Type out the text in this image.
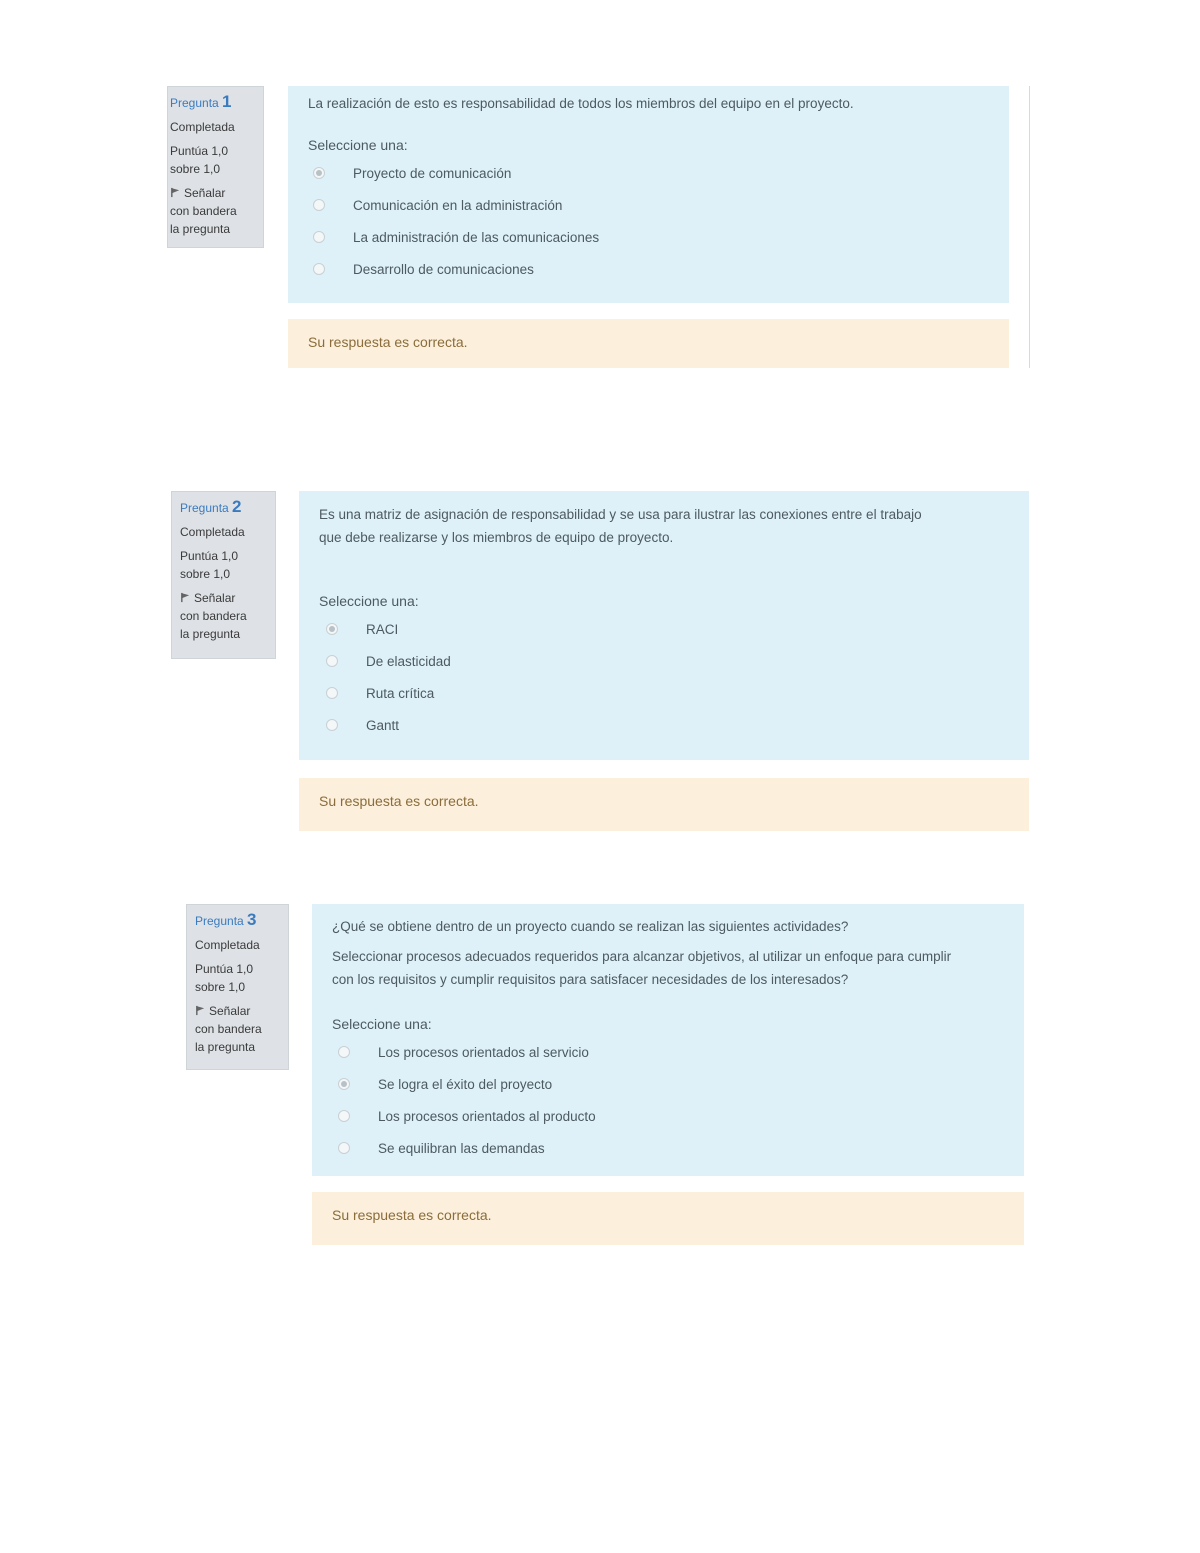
Pregunta 1
Completada
Puntúa 1,0
sobre 1,0
Señalar
con bandera
la pregunta

La realización de esto es responsabilidad de todos los miembros del equipo en el proyecto.

Seleccione una:
Proyecto de comunicación
Comunicación en la administración
La administración de las comunicaciones
Desarrollo de comunicaciones
Su respuesta es correcta.
Pregunta 2
Completada
Puntúa 1,0
sobre 1,0
Señalar
con bandera
la pregunta

Es una matriz de asignación de responsabilidad y se usa para ilustrar las conexiones entre el trabajo

que debe realizarse y los miembros de equipo de proyecto.

Seleccione una:
RACI
De elasticidad
Ruta crítica
Gantt
Su respuesta es correcta.
Pregunta 3
Completada
Puntúa 1,0
sobre 1,0
Señalar
con bandera
la pregunta

¿Qué se obtiene dentro de un proyecto cuando se realizan las siguientes actividades?

Seleccionar procesos adecuados requeridos para alcanzar objetivos, al utilizar un enfoque para cumplir

con los requisitos y cumplir requisitos para satisfacer necesidades de los interesados?

Seleccione una:
Los procesos orientados al servicio
Se logra el éxito del proyecto
Los procesos orientados al producto
Se equilibran las demandas
Su respuesta es correcta.
